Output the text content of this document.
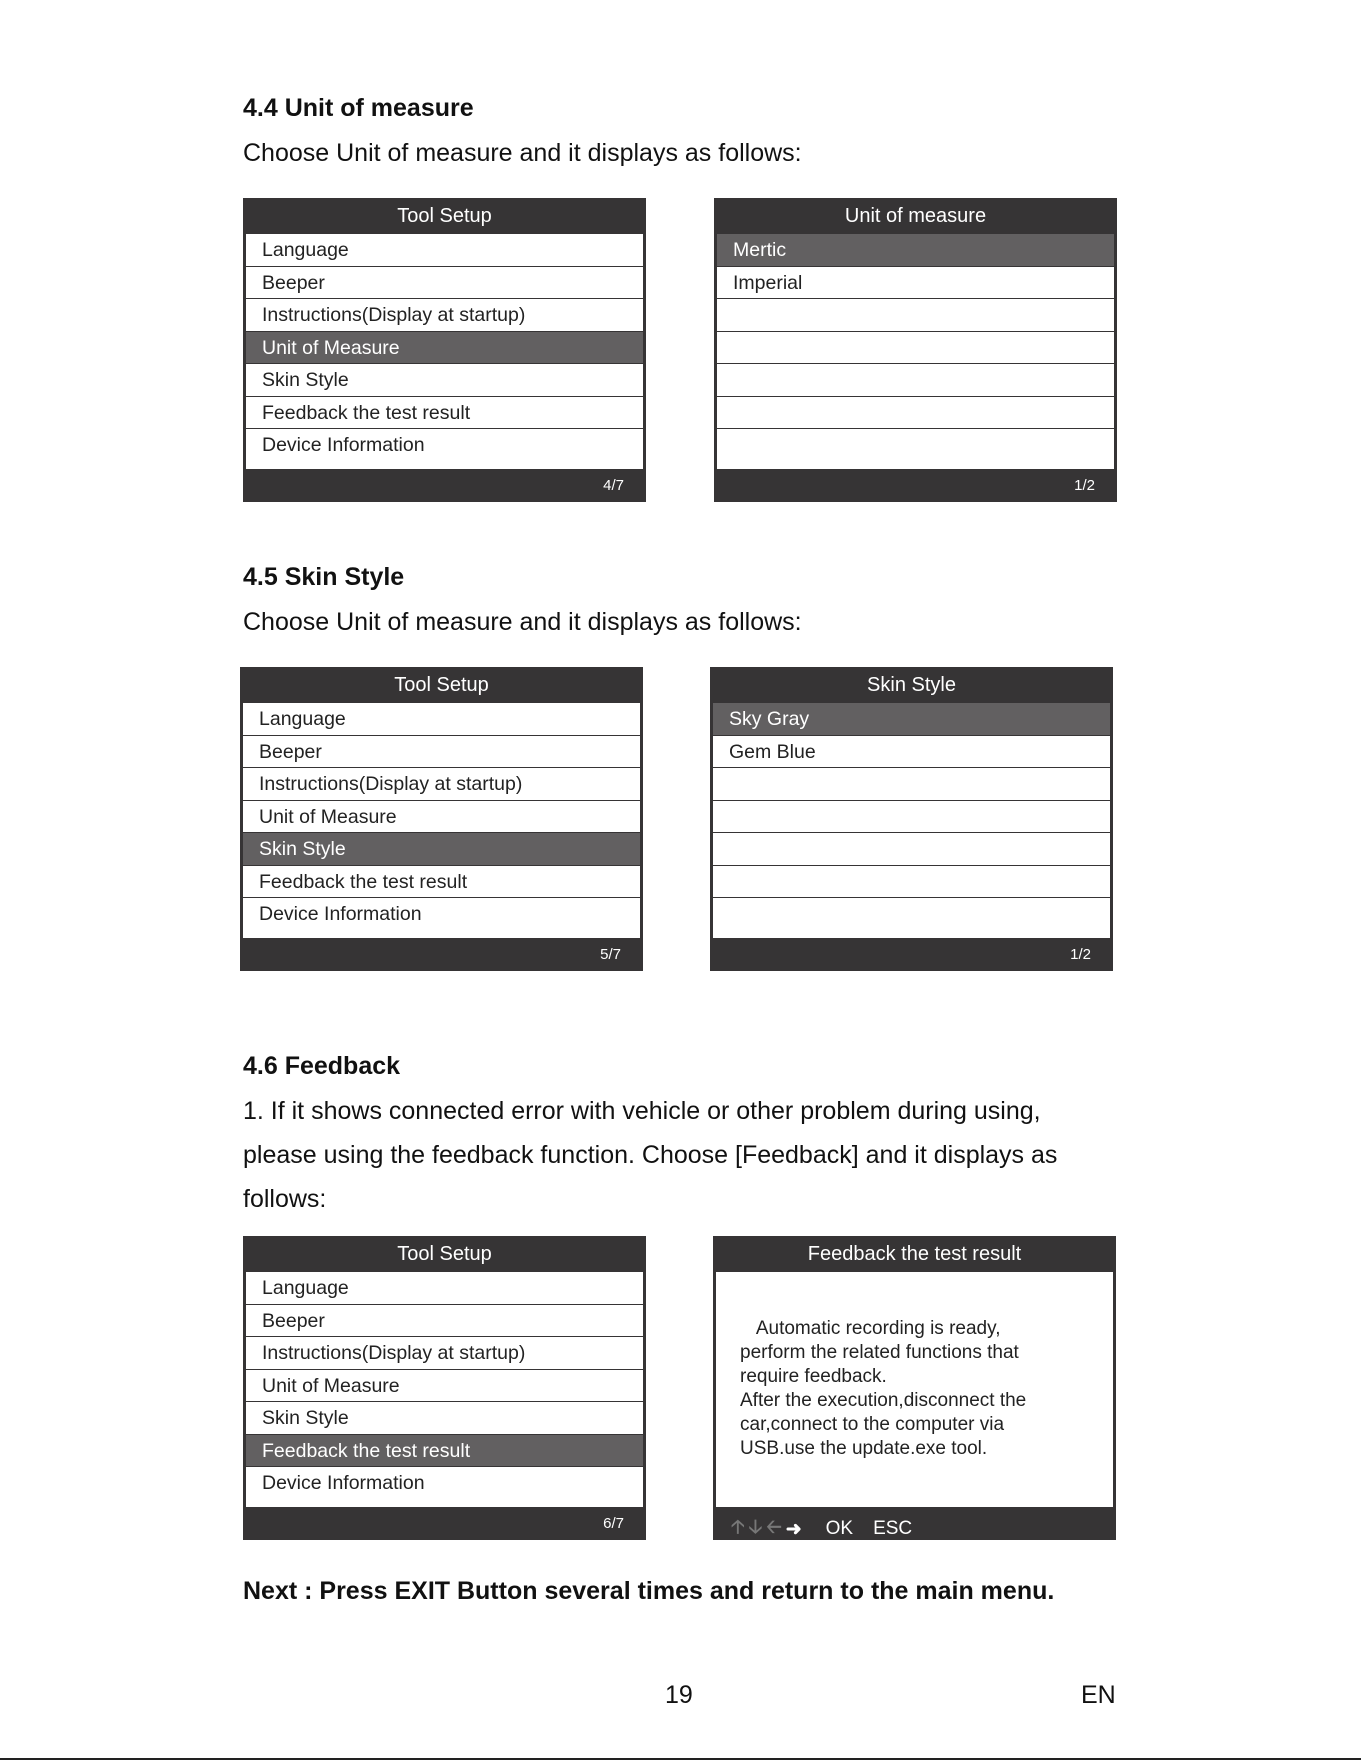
4.4 Unit of measure

Choose Unit of measure and it displays as follows:

Tool Setup
Language
Beeper
Instructions(Display at startup)
Unit of Measure
Skin Style
Feedback the test result
Device Information
4/7
Unit of measure
Mertic
Imperial
1/2
4.5 Skin Style

Choose Unit of measure and it displays as follows:

Tool Setup
Language
Beeper
Instructions(Display at startup)
Unit of Measure
Skin Style
Feedback the test result
Device Information
5/7
Skin Style
Sky Gray
Gem Blue
1/2
4.6 Feedback

1. If it shows connected error with vehicle or other problem during using,

please using the feedback function. Choose [Feedback] and it displays as

follows:

Tool Setup
Language
Beeper
Instructions(Display at startup)
Unit of Measure
Skin Style
Feedback the test result
Device Information
6/7
Feedback the test result

Automatic recording is ready,
perform the related functions that
require feedback.
After the execution,disconnect the
car,connect to the computer via
USB.use the update.exe tool.

🡡 🡣 🡠 ➜ OK ESC

Next : Press EXIT Button several times and return to the main menu.

19	EN
